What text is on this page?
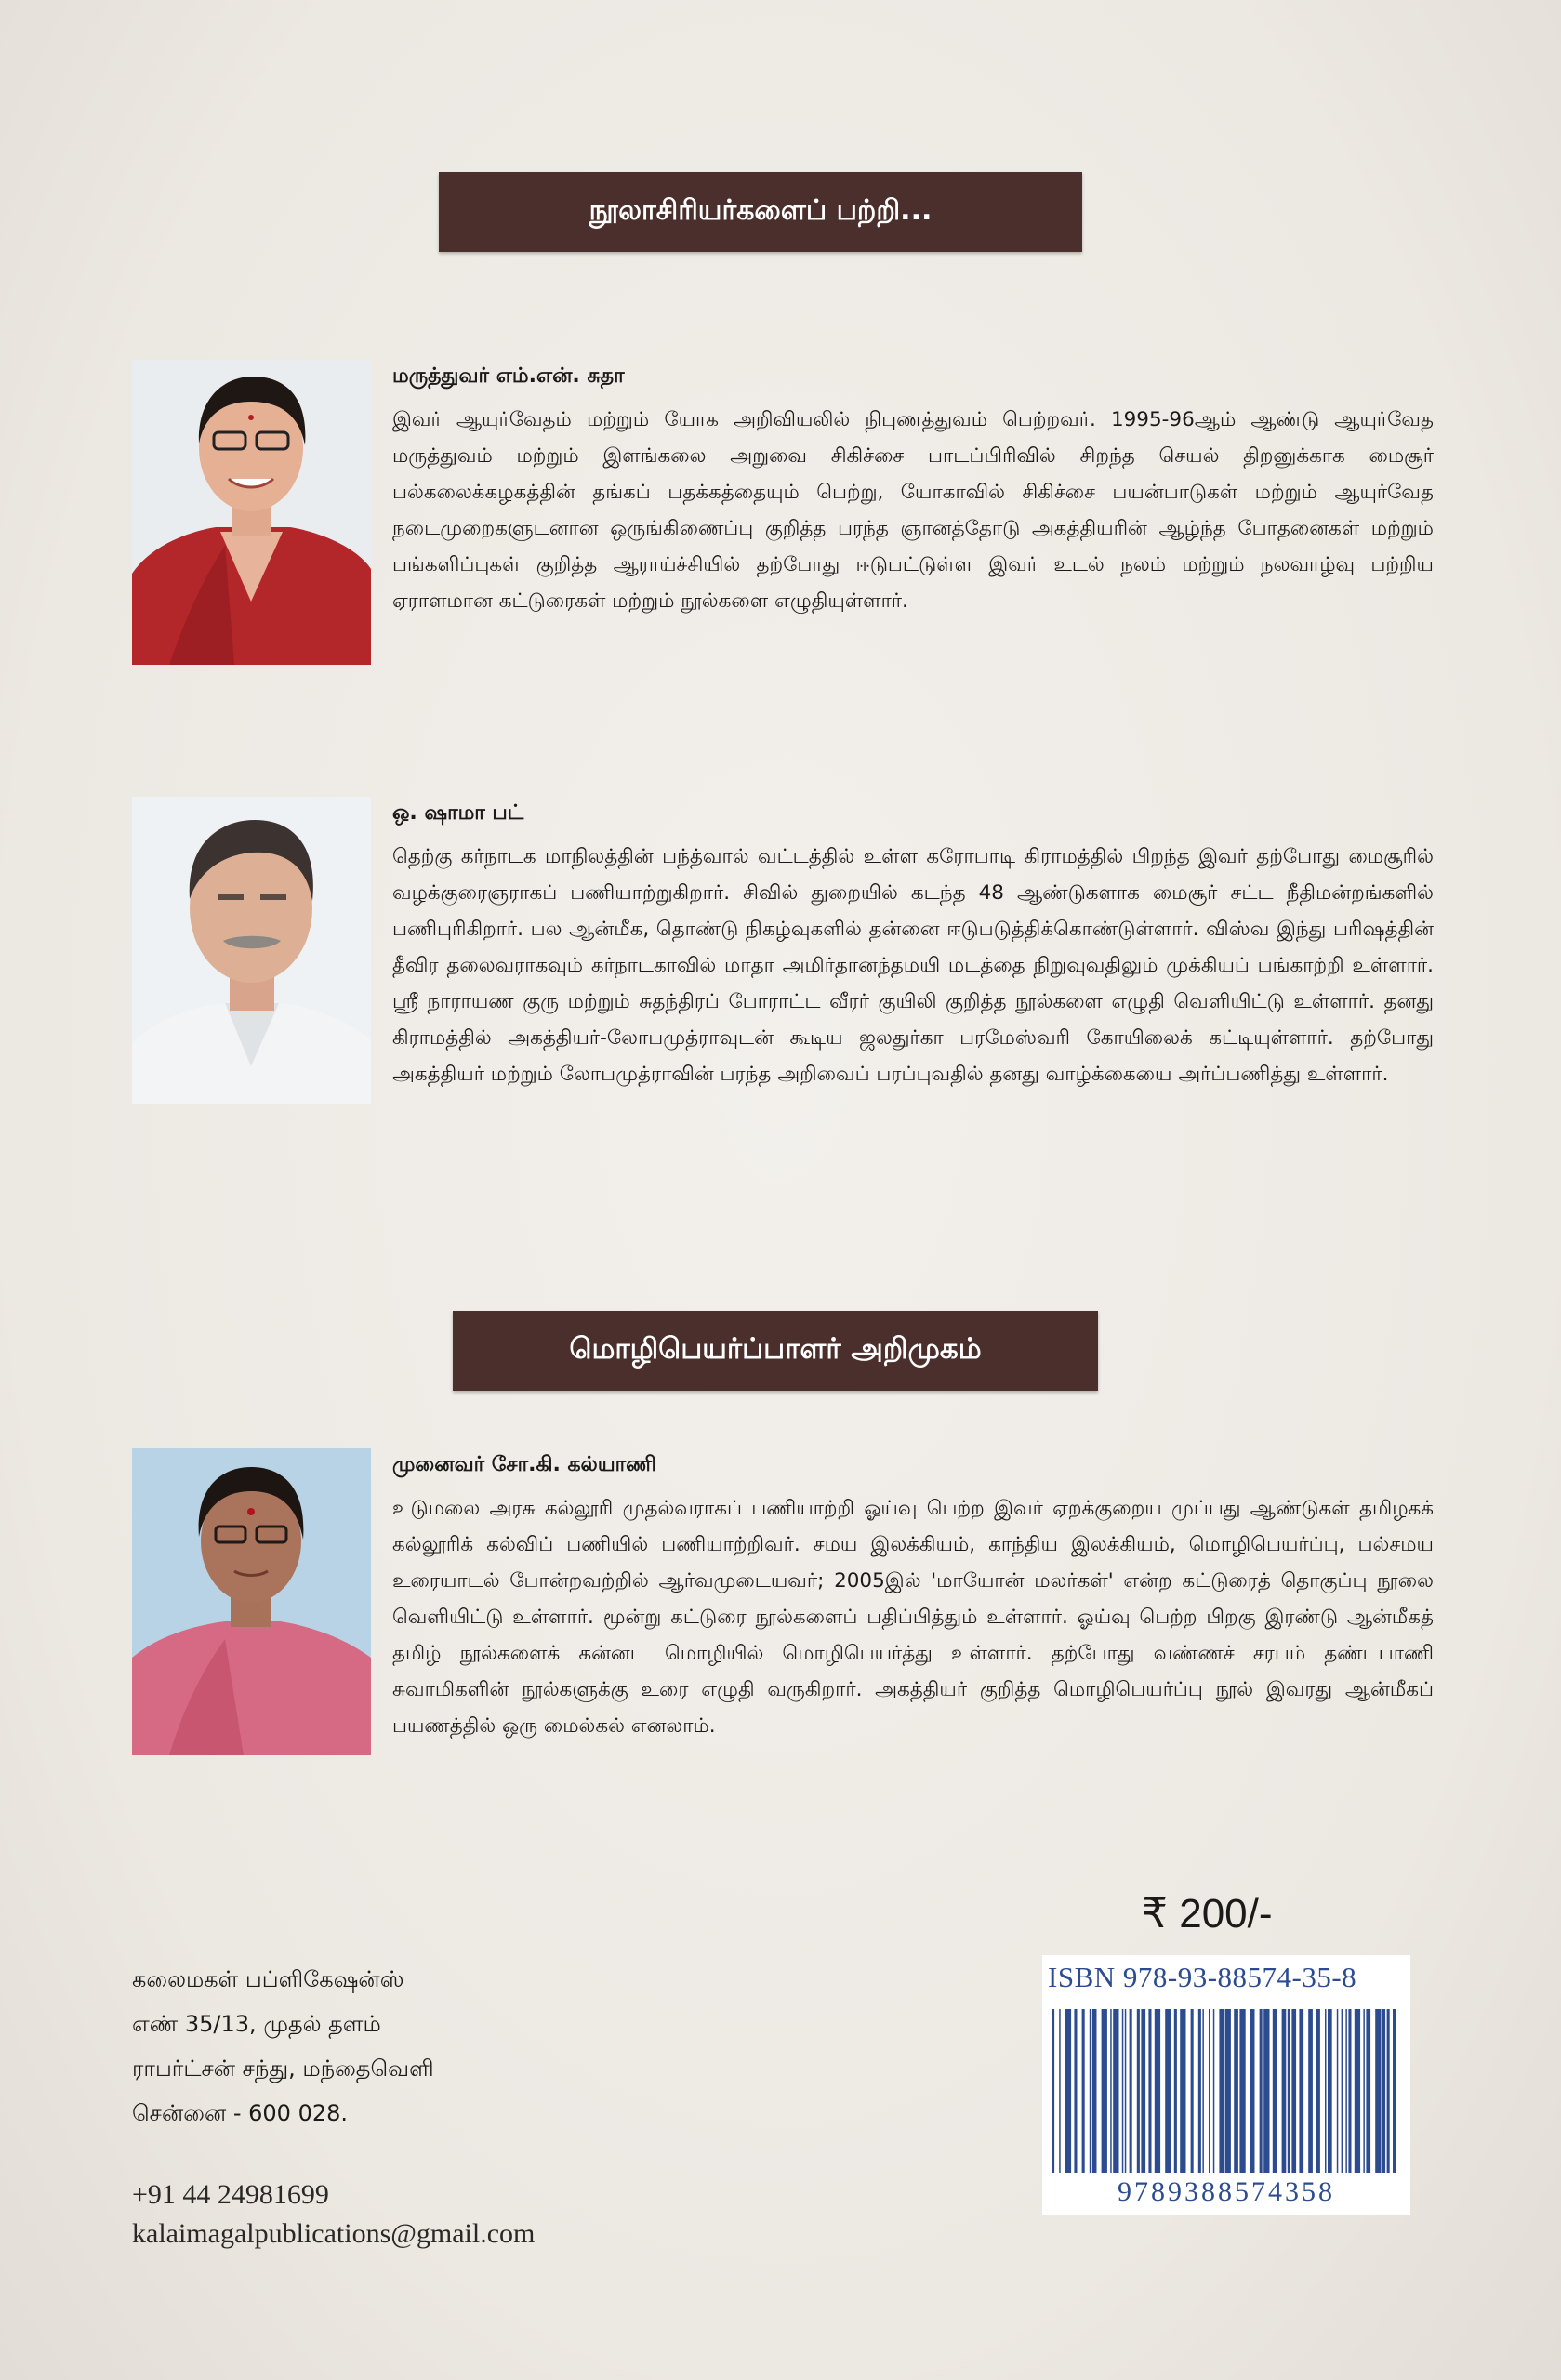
நூலாசிரியர்களைப் பற்றி...
மருத்துவர் எம்.என். சுதா

இவர் ஆயுர்வேதம் மற்றும் யோக அறிவியலில் நிபுணத்துவம் பெற்றவர். 1995-96ஆம் ஆண்டு ஆயுர்வேத மருத்துவம் மற்றும் இளங்கலை அறுவை சிகிச்சை பாடப்பிரிவில் சிறந்த செயல் திறனுக்காக மைசூர் பல்கலைக்கழகத்தின் தங்கப் பதக்கத்தையும் பெற்று, யோகாவில் சிகிச்சை பயன்பாடுகள் மற்றும் ஆயுர்வேத நடைமுறைகளுடனான ஒருங்கிணைப்பு குறித்த பரந்த ஞானத்தோடு அகத்தியரின் ஆழ்ந்த போதனைகள் மற்றும் பங்களிப்புகள் குறித்த ஆராய்ச்சியில் தற்போது ஈடுபட்டுள்ள இவர் உடல் நலம் மற்றும் நலவாழ்வு பற்றிய ஏராளமான கட்டுரைகள் மற்றும் நூல்களை எழுதியுள்ளார்.

ஒ. ஷாமா பட்

தெற்கு கர்நாடக மாநிலத்தின் பந்த்வால் வட்டத்தில் உள்ள கரோபாடி கிராமத்தில் பிறந்த இவர் தற்போது மைசூரில் வழக்குரைஞராகப் பணியாற்றுகிறார். சிவில் துறையில் கடந்த 48 ஆண்டுகளாக மைசூர் சட்ட நீதிமன்றங்களில் பணிபுரிகிறார். பல ஆன்மீக, தொண்டு நிகழ்வுகளில் தன்னை ஈடுபடுத்திக்கொண்டுள்ளார். விஸ்வ இந்து பரிஷத்தின் தீவிர தலைவராகவும் கர்நாடகாவில் மாதா அமிர்தானந்தமயி மடத்தை நிறுவுவதிலும் முக்கியப் பங்காற்றி உள்ளார். ஸ்ரீ நாராயண குரு மற்றும் சுதந்திரப் போராட்ட வீரர் குயிலி குறித்த நூல்களை எழுதி வெளியிட்டு உள்ளார். தனது கிராமத்தில் அகத்தியர்-லோபமுத்ராவுடன் கூடிய ஜலதுர்கா பரமேஸ்வரி கோயிலைக் கட்டியுள்ளார். தற்போது அகத்தியர் மற்றும் லோபமுத்ராவின் பரந்த அறிவைப் பரப்புவதில் தனது வாழ்க்கையை அர்ப்பணித்து உள்ளார்.

மொழிபெயர்ப்பாளர் அறிமுகம்
முனைவர் சோ.கி. கல்யாணி

உடுமலை அரசு கல்லூரி முதல்வராகப் பணியாற்றி ஓய்வு பெற்ற இவர் ஏறக்குறைய முப்பது ஆண்டுகள் தமிழகக் கல்லூரிக் கல்விப் பணியில் பணியாற்றிவர். சமய இலக்கியம், காந்திய இலக்கியம், மொழிபெயர்ப்பு, பல்சமய உரையாடல் போன்றவற்றில் ஆர்வமுடையவர்; 2005இல் 'மாயோன் மலர்கள்' என்ற கட்டுரைத் தொகுப்பு நூலை வெளியிட்டு உள்ளார். மூன்று கட்டுரை நூல்களைப் பதிப்பித்தும் உள்ளார். ஓய்வு பெற்ற பிறகு இரண்டு ஆன்மீகத் தமிழ் நூல்களைக் கன்னட மொழியில் மொழிபெயர்த்து உள்ளார். தற்போது வண்ணச் சரபம் தண்டபாணி சுவாமிகளின் நூல்களுக்கு உரை எழுதி வருகிறார். அகத்தியர் குறித்த மொழிபெயர்ப்பு நூல் இவரது ஆன்மீகப் பயணத்தில் ஒரு மைல்கல் எனலாம்.

₹ 200/-
கலைமகள் பப்ளிகேஷன்ஸ்
எண் 35/13, முதல் தளம்
ராபர்ட்சன் சந்து, மந்தைவெளி
சென்னை - 600 028.
+91 44 24981699
kalaimagalpublications@gmail.com
ISBN 978-93-88574-35-8
9789388574358
